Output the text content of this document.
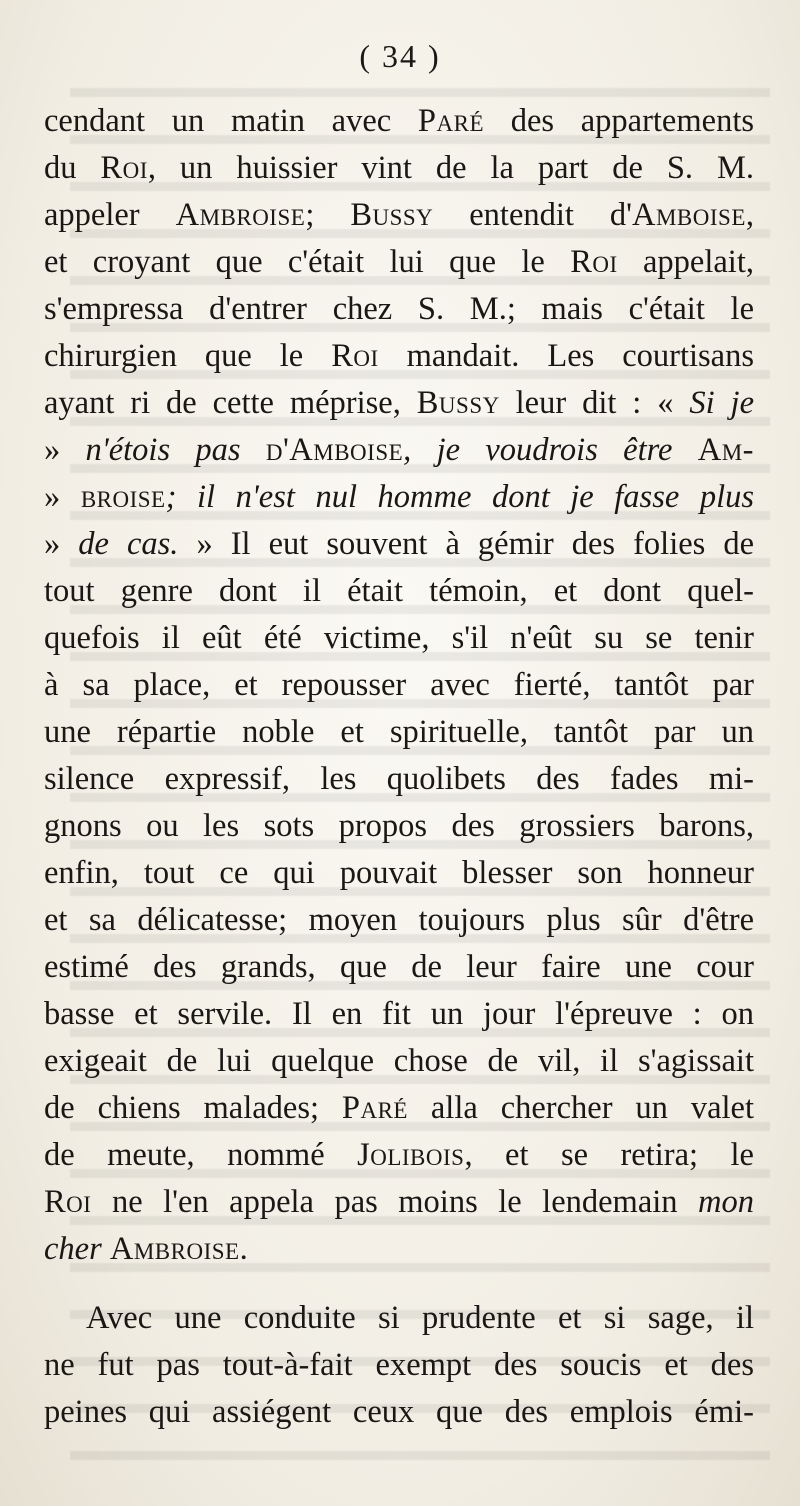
( 34 )
cendant un matin avec Paré des appartements
du Roi, un huissier vint de la part de S. M.
appeler Ambroise; Bussy entendit d'Amboise,
et croyant que c'était lui que le Roi appelait,
s'empressa d'entrer chez S. M.; mais c'était le
chirurgien que le Roi mandait. Les courtisans
ayant ri de cette méprise, Bussy leur dit : « Si je
» n'étois pas d'Amboise, je voudrois être Am-
» broise; il n'est nul homme dont je fasse plus
» de cas. » Il eut souvent à gémir des folies de
tout genre dont il était témoin, et dont quel-
quefois il eût été victime, s'il n'eût su se tenir
à sa place, et repousser avec fierté, tantôt par
une répartie noble et spirituelle, tantôt par un
silence expressif, les quolibets des fades mi-
gnons ou les sots propos des grossiers barons,
enfin, tout ce qui pouvait blesser son honneur
et sa délicatesse; moyen toujours plus sûr d'être
estimé des grands, que de leur faire une cour
basse et servile. Il en fit un jour l'épreuve : on
exigeait de lui quelque chose de vil, il s'agissait
de chiens malades; Paré alla chercher un valet
de meute, nommé Jolibois, et se retira; le
Roi ne l'en appela pas moins le lendemain mon
cher Ambroise.
Avec une conduite si prudente et si sage, il
ne fut pas tout-à-fait exempt des soucis et des
peines qui assiégent ceux que des emplois émi-
